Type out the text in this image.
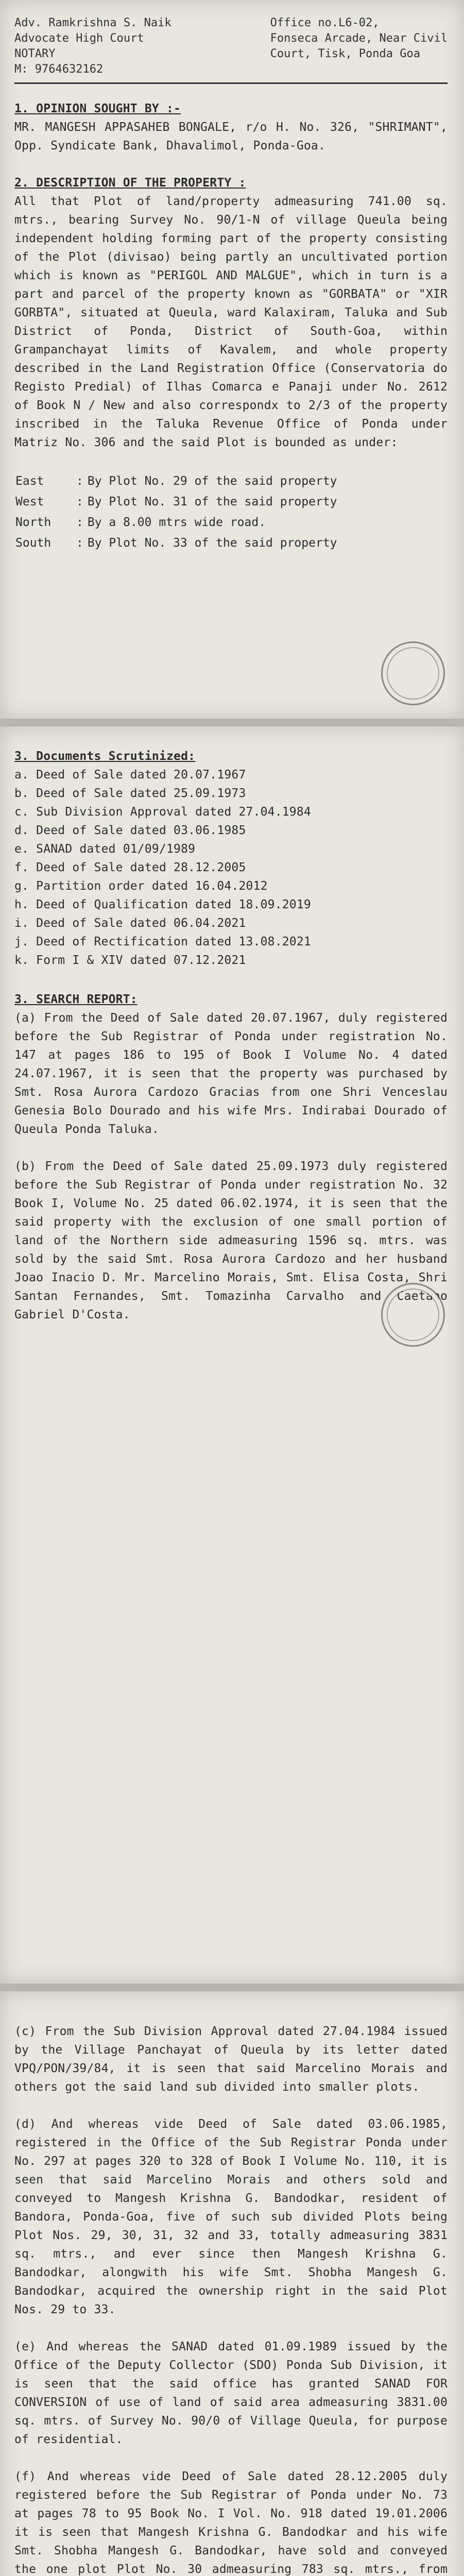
Adv. Ramkrishna S. Naik
Advocate High Court
NOTARY
M: 9764632162
Office no.L6-02,
Fonseca Arcade, Near Civil
Court, Tisk, Ponda Goa
1. OPINION SOUGHT BY :-

MR. MANGESH APPASAHEB BONGALE, r/o H. No. 326, "SHRIMANT", Opp. Syndicate Bank, Dhavalimol, Ponda-Goa.

2. DESCRIPTION OF THE PROPERTY :

All that Plot of land/property admeasuring 741.00 sq. mtrs., bearing Survey No. 90/1-N of village Queula being independent holding forming part of the property consisting of the Plot (divisao) being partly an uncultivated portion which is known as "PERIGOL AND MALGUE", which in turn is a part and parcel of the property known as "GORBATA" or "XIR GORBTA", situated at Queula, ward Kalaxiram, Taluka and Sub District of Ponda, District of South-Goa, within Grampanchayat limits of Kavalem, and whole property described in the Land Registration Office (Conservatoria do Registo Predial) of Ilhas Comarca e Panaji under No. 2612 of Book N / New and also correspondx to 2/3 of the property inscribed in the Taluka Revenue Office of Ponda under Matriz No. 306 and the said Plot is bounded as under:

East	:	By Plot No. 29 of the said property
West	:	By Plot No. 31 of the said property
North	:	By a 8.00 mtrs wide road.
South	:	By Plot No. 33 of the said property
3. Documents Scrutinized:
a. Deed of Sale dated 20.07.1967
b. Deed of Sale dated 25.09.1973
c. Sub Division Approval dated 27.04.1984
d. Deed of Sale dated 03.06.1985
e. SANAD dated 01/09/1989
f. Deed of Sale dated 28.12.2005
g. Partition order dated 16.04.2012
h. Deed of Qualification dated 18.09.2019
i. Deed of Sale dated 06.04.2021
j. Deed of Rectification dated 13.08.2021
k. Form I & XIV dated 07.12.2021
3. SEARCH REPORT:

(a) From the Deed of Sale dated 20.07.1967, duly registered before the Sub Registrar of Ponda under registration No. 147 at pages 186 to 195 of Book I Volume No. 4 dated 24.07.1967, it is seen that the property was purchased by Smt. Rosa Aurora Cardozo Gracias from one Shri Venceslau Genesia Bolo Dourado and his wife Mrs. Indirabai Dourado of Queula Ponda Taluka.

(b) From the Deed of Sale dated 25.09.1973 duly registered before the Sub Registrar of Ponda under registration No. 32 Book I, Volume No. 25 dated 06.02.1974, it is seen that the said property with the exclusion of one small portion of land of the Northern side admeasuring 1596 sq. mtrs. was sold by the said Smt. Rosa Aurora Cardozo and her husband Joao Inacio D. Mr. Marcelino Morais, Smt. Elisa Costa, Shri Santan Fernandes, Smt. Tomazinha Carvalho and Caetano Gabriel D'Costa.

(c) From the Sub Division Approval dated 27.04.1984 issued by the Village Panchayat of Queula by its letter dated VPQ/PON/39/84, it is seen that said Marcelino Morais and others got the said land sub divided into smaller plots.

(d) And whereas vide Deed of Sale dated 03.06.1985, registered in the Office of the Sub Registrar Ponda under No. 297 at pages 320 to 328 of Book I Volume No. 110, it is seen that said Marcelino Morais and others sold and conveyed to Mangesh Krishna G. Bandodkar, resident of Bandora, Ponda-Goa, five of such sub divided Plots being Plot Nos. 29, 30, 31, 32 and 33, totally admeasuring 3831 sq. mtrs., and ever since then Mangesh Krishna G. Bandodkar, alongwith his wife Smt. Shobha Mangesh G. Bandodkar, acquired the ownership right in the said Plot Nos. 29 to 33.

(e) And whereas the SANAD dated 01.09.1989 issued by the Office of the Deputy Collector (SDO) Ponda Sub Division, it is seen that the said office has granted SANAD FOR CONVERSION of use of land of said area admeasuring 3831.00 sq. mtrs. of Survey No. 90/0 of Village Queula, for purpose of residential.

(f) And whereas vide Deed of Sale dated 28.12.2005 duly registered before the Sub Registrar of Ponda under No. 73 at pages 78 to 95 Book No. I Vol. No. 918 dated 19.01.2006 it is seen that Mangesh Krishna G. Bandodkar and his wife Smt. Shobha Mangesh G. Bandodkar, have sold and conveyed the one plot Plot No. 30 admeasuring 783 sq. mtrs., from
